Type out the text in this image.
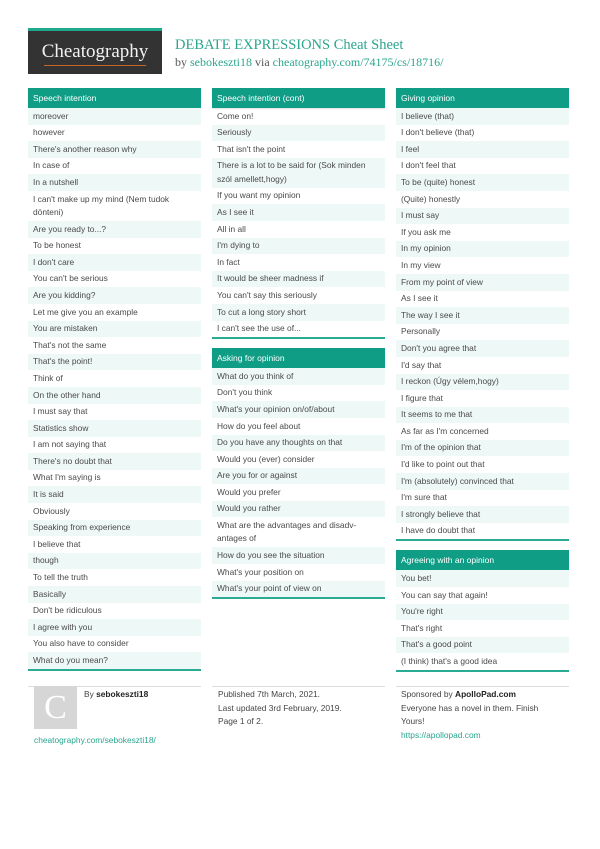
Cheatography DEBATE EXPRESSIONS Cheat Sheet
by sebokeszti18 via cheatography.com/74175/cs/18716/
Speech intention
moreover
however
There's another reason why
In case of
In a nutshell
I can't make up my mind (Nem tudok dönteni)
Are you ready to...?
To be honest
I don't care
You can't be serious
Are you kidding?
Let me give you an example
You are mistaken
That's not the same
That's the point!
Think of
On the other hand
I must say that
Statistics show
I am not saying that
There's no doubt that
What I'm saying is
It is said
Obviously
Speaking from experience
I believe that
though
To tell the truth
Basically
Don't be ridiculous
I agree with you
You also have to consider
What do you mean?
Speech intention (cont)
Come on!
Seriously
That isn't the point
There is a lot to be said for (Sok minden szól amellett,hogy)
If you want my opinion
As I see it
All in all
I'm dying to
In fact
It would be sheer madness if
You can't say this seriously
To cut a long story short
I can't see the use of...
Asking for opinion
What do you think of
Don't you think
What's your opinion on/of/about
How do you feel about
Do you have any thoughts on that
Would you (ever) consider
Are you for or against
Would you prefer
Would you rather
What are the advantages and disadvantages of
How do you see the situation
What's your position on
What's your point of view on
Giving opinion
I believe (that)
I don't believe (that)
I feel
I don't feel that
To be (quite) honest
(Quite) honestly
I must say
If you ask me
In my opinion
In my view
From my point of view
As I see it
The way I see it
Personally
Don't you agree that
I'd say that
I reckon (Úgy vélem,hogy)
I figure that
It seems to me that
As far as I'm concerned
I'm of the opinion that
I'd like to point out that
I'm (absolutely) convinced that
I'm sure that
I strongly believe that
I have do doubt that
Agreeing with an opinion
You bet!
You can say that again!
You're right
That's right
That's a good point
(I think) that's a good idea
C	By sebokeszti18
cheatography.com/sebokeszti18/
Published 7th March, 2021.
Last updated 3rd February, 2019.
Page 1 of 2.
Sponsored by ApolloPad.com
Everyone has a novel in them. Finish Yours!
https://apollopad.com
